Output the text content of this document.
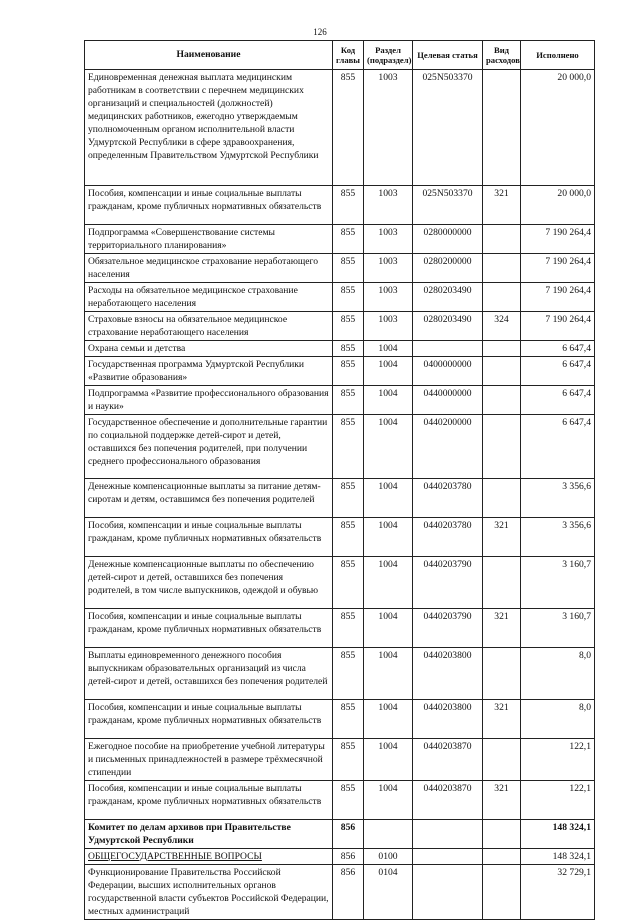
126
Наименование	Код главы	Раздел (подраздел)	Целевая статья	Вид расходов	Исполнено
Единовременная денежная выплата медицинским работникам в соответствии с перечнем медицинских организаций и специальностей (должностей) медицинских работников, ежегодно утверждаемым уполномоченным органом исполнительной власти Удмуртской Республики в сфере здравоохранения, определенным Правительством Удмуртской Республики	855	1003	025N503370		20 000,0
Пособия, компенсации и иные социальные выплаты гражданам, кроме публичных нормативных обязательств	855	1003	025N503370	321	20 000,0
Подпрограмма «Совершенствование системы территориального планирования»	855	1003	0280000000		7 190 264,4
Обязательное медицинское страхование неработающего населения	855	1003	0280200000		7 190 264,4
Расходы на обязательное медицинское страхование неработающего населения	855	1003	0280203490		7 190 264,4
Страховые взносы на обязательное медицинское страхование неработающего населения	855	1003	0280203490	324	7 190 264,4
Охрана семьи и детства	855	1004			6 647,4
Государственная программа Удмуртской Республики «Развитие образования»	855	1004	0400000000		6 647,4
Подпрограмма «Развитие профессионального образования и науки»	855	1004	0440000000		6 647,4
Государственное обеспечение и дополнительные гарантии по социальной поддержке детей-сирот и детей, оставшихся без попечения родителей, при получении среднего профессионального образования	855	1004	0440200000		6 647,4
Денежные компенсационные выплаты за питание детям-сиротам и детям, оставшимся без попечения родителей	855	1004	0440203780		3 356,6
Пособия, компенсации и иные социальные выплаты гражданам, кроме публичных нормативных обязательств	855	1004	0440203780	321	3 356,6
Денежные компенсационные выплаты по обеспечению детей-сирот и детей, оставшихся без попечения родителей, в том числе выпускников, одеждой и обувью	855	1004	0440203790		3 160,7
Пособия, компенсации и иные социальные выплаты гражданам, кроме публичных нормативных обязательств	855	1004	0440203790	321	3 160,7
Выплаты единовременного денежного пособия выпускникам образовательных организаций из числа детей-сирот и детей, оставшихся без попечения родителей	855	1004	0440203800		8,0
Пособия, компенсации и иные социальные выплаты гражданам, кроме публичных нормативных обязательств	855	1004	0440203800	321	8,0
Ежегодное пособие на приобретение учебной литературы и письменных принадлежностей в размере трёхмесячной стипендии	855	1004	0440203870		122,1
Пособия, компенсации и иные социальные выплаты гражданам, кроме публичных нормативных обязательств	855	1004	0440203870	321	122,1
Комитет по делам архивов при Правительстве Удмуртской Республики	856				148 324,1
ОБЩЕГОСУДАРСТВЕННЫЕ ВОПРОСЫ	856	0100			148 324,1
Функционирование Правительства Российской Федерации, высших исполнительных органов государственной власти субъектов Российской Федерации, местных администраций	856	0104			32 729,1
